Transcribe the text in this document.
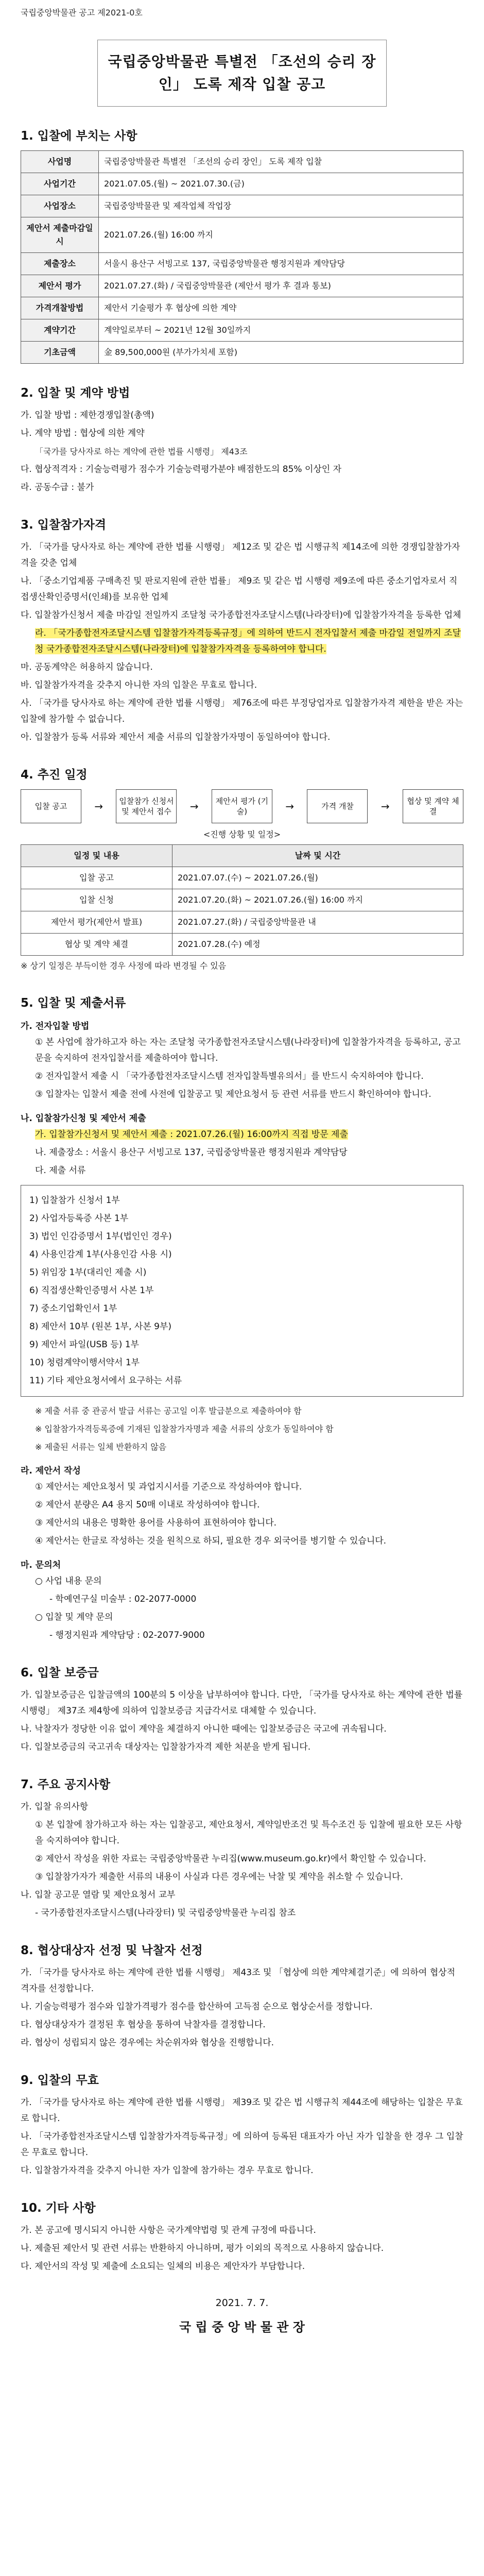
국립중앙박물관 공고 제2021-0호
국립중앙박물관 특별전 「조선의 승리 장인」 도록 제작 입찰 공고
1. 입찰에 부치는 사항
사업명	국립중앙박물관 특별전 「조선의 승리 장인」 도록 제작 입찰
사업기간	2021.07.05.(월) ~ 2021.07.30.(금)
사업장소	국립중앙박물관 및 제작업체 작업장
제안서 제출마감일시	2021.07.26.(월) 16:00 까지
제출장소	서울시 용산구 서빙고로 137, 국립중앙박물관 행정지원과 계약담당
제안서 평가	2021.07.27.(화) / 국립중앙박물관 (제안서 평가 후 결과 통보)
가격개찰방법	제안서 기술평가 후 협상에 의한 계약
계약기간	계약일로부터 ~ 2021년 12월 30일까지
기초금액	金 89,500,000원 (부가가치세 포함)
2. 입찰 및 계약 방법

가. 입찰 방법 : 제한경쟁입찰(총액)

나. 계약 방법 : 협상에 의한 계약

「국가를 당사자로 하는 계약에 관한 법률 시행령」 제43조

다. 협상적격자 : 기술능력평가 점수가 기술능력평가분야 배점한도의 85% 이상인 자

라. 공동수급 : 불가

3. 입찰참가자격

가. 「국가를 당사자로 하는 계약에 관한 법률 시행령」 제12조 및 같은 법 시행규칙 제14조에 의한 경쟁입찰참가자격을 갖춘 업체

나. 「중소기업제품 구매촉진 및 판로지원에 관한 법률」 제9조 및 같은 법 시행령 제9조에 따른 중소기업자로서 직접생산확인증명서(인쇄)를 보유한 업체

다. 입찰참가신청서 제출 마감일 전일까지 조달청 국가종합전자조달시스템(나라장터)에 입찰참가자격을 등록한 업체

라. 「국가종합전자조달시스템 입찰참가자격등록규정」에 의하여 반드시 전자입찰서 제출 마감일 전일까지 조달청 국가종합전자조달시스템(나라장터)에 입찰참가자격을 등록하여야 합니다.

마. 공동계약은 허용하지 않습니다.

바. 입찰참가자격을 갖추지 아니한 자의 입찰은 무효로 합니다.

사. 「국가를 당사자로 하는 계약에 관한 법률 시행령」 제76조에 따른 부정당업자로 입찰참가자격 제한을 받은 자는 입찰에 참가할 수 없습니다.

아. 입찰참가 등록 서류와 제안서 제출 서류의 입찰참가자명이 동일하여야 합니다.

4. 추진 일정
입찰 공고	→	입찰참가 신청서 및 제안서 접수	→	제안서 평가 (기술)	→	가격 개찰	→	협상 및 계약 체결

<진행 상황 및 일정>

일정 및 내용	날짜 및 시간
입찰 공고	2021.07.07.(수) ~ 2021.07.26.(월)
입찰 신청	2021.07.20.(화) ~ 2021.07.26.(월) 16:00 까지
제안서 평가(제안서 발표)	2021.07.27.(화) / 국립중앙박물관 내
협상 및 계약 체결	2021.07.28.(수) 예정

※ 상기 일정은 부득이한 경우 사정에 따라 변경될 수 있음

5. 입찰 및 제출서류
가. 전자입찰 방법

① 본 사업에 참가하고자 하는 자는 조달청 국가종합전자조달시스템(나라장터)에 입찰참가자격을 등록하고, 공고문을 숙지하여 전자입찰서를 제출하여야 합니다.

② 전자입찰서 제출 시 「국가종합전자조달시스템 전자입찰특별유의서」를 반드시 숙지하여야 합니다.

③ 입찰자는 입찰서 제출 전에 사전에 입찰공고 및 제안요청서 등 관련 서류를 반드시 확인하여야 합니다.

나. 입찰참가신청 및 제안서 제출

가. 입찰참가신청서 및 제안서 제출 : 2021.07.26.(월) 16:00까지 직접 방문 제출

나. 제출장소 : 서울시 용산구 서빙고로 137, 국립중앙박물관 행정지원과 계약담당

다. 제출 서류

1) 입찰참가 신청서 1부

2) 사업자등록증 사본 1부

3) 법인 인감증명서 1부(법인인 경우)

4) 사용인감계 1부(사용인감 사용 시)

5) 위임장 1부(대리인 제출 시)

6) 직접생산확인증명서 사본 1부

7) 중소기업확인서 1부

8) 제안서 10부 (원본 1부, 사본 9부)

9) 제안서 파일(USB 등) 1부

10) 청렴계약이행서약서 1부

11) 기타 제안요청서에서 요구하는 서류

※ 제출 서류 중 관공서 발급 서류는 공고일 이후 발급분으로 제출하여야 함

※ 입찰참가자격등록증에 기재된 입찰참가자명과 제출 서류의 상호가 동일하여야 함

※ 제출된 서류는 일체 반환하지 않음

라. 제안서 작성

① 제안서는 제안요청서 및 과업지시서를 기준으로 작성하여야 합니다.

② 제안서 분량은 A4 용지 50매 이내로 작성하여야 합니다.

③ 제안서의 내용은 명확한 용어를 사용하여 표현하여야 합니다.

④ 제안서는 한글로 작성하는 것을 원칙으로 하되, 필요한 경우 외국어를 병기할 수 있습니다.

마. 문의처

○ 사업 내용 문의

- 학예연구실 미술부 : 02-2077-0000

○ 입찰 및 계약 문의

- 행정지원과 계약담당 : 02-2077-9000

6. 입찰 보증금

가. 입찰보증금은 입찰금액의 100분의 5 이상을 납부하여야 합니다. 다만, 「국가를 당사자로 하는 계약에 관한 법률 시행령」 제37조 제4항에 의하여 입찰보증금 지급각서로 대체할 수 있습니다.

나. 낙찰자가 정당한 이유 없이 계약을 체결하지 아니한 때에는 입찰보증금은 국고에 귀속됩니다.

다. 입찰보증금의 국고귀속 대상자는 입찰참가자격 제한 처분을 받게 됩니다.

7. 주요 공지사항

가. 입찰 유의사항

① 본 입찰에 참가하고자 하는 자는 입찰공고, 제안요청서, 계약일반조건 및 특수조건 등 입찰에 필요한 모든 사항을 숙지하여야 합니다.

② 제안서 작성을 위한 자료는 국립중앙박물관 누리집(www.museum.go.kr)에서 확인할 수 있습니다.

③ 입찰참가자가 제출한 서류의 내용이 사실과 다른 경우에는 낙찰 및 계약을 취소할 수 있습니다.

나. 입찰 공고문 열람 및 제안요청서 교부

- 국가종합전자조달시스템(나라장터) 및 국립중앙박물관 누리집 참조

8. 협상대상자 선정 및 낙찰자 선정

가. 「국가를 당사자로 하는 계약에 관한 법률 시행령」 제43조 및 「협상에 의한 계약체결기준」에 의하여 협상적격자를 선정합니다.

나. 기술능력평가 점수와 입찰가격평가 점수를 합산하여 고득점 순으로 협상순서를 정합니다.

다. 협상대상자가 결정된 후 협상을 통하여 낙찰자를 결정합니다.

라. 협상이 성립되지 않은 경우에는 차순위자와 협상을 진행합니다.

9. 입찰의 무효

가. 「국가를 당사자로 하는 계약에 관한 법률 시행령」 제39조 및 같은 법 시행규칙 제44조에 해당하는 입찰은 무효로 합니다.

나. 「국가종합전자조달시스템 입찰참가자격등록규정」에 의하여 등록된 대표자가 아닌 자가 입찰을 한 경우 그 입찰은 무효로 합니다.

다. 입찰참가자격을 갖추지 아니한 자가 입찰에 참가하는 경우 무효로 합니다.

10. 기타 사항

가. 본 공고에 명시되지 아니한 사항은 국가계약법령 및 관계 규정에 따릅니다.

나. 제출된 제안서 및 관련 서류는 반환하지 아니하며, 평가 이외의 목적으로 사용하지 않습니다.

다. 제안서의 작성 및 제출에 소요되는 일체의 비용은 제안자가 부담합니다.

2021. 7. 7.

국 립 중 앙 박 물 관 장
